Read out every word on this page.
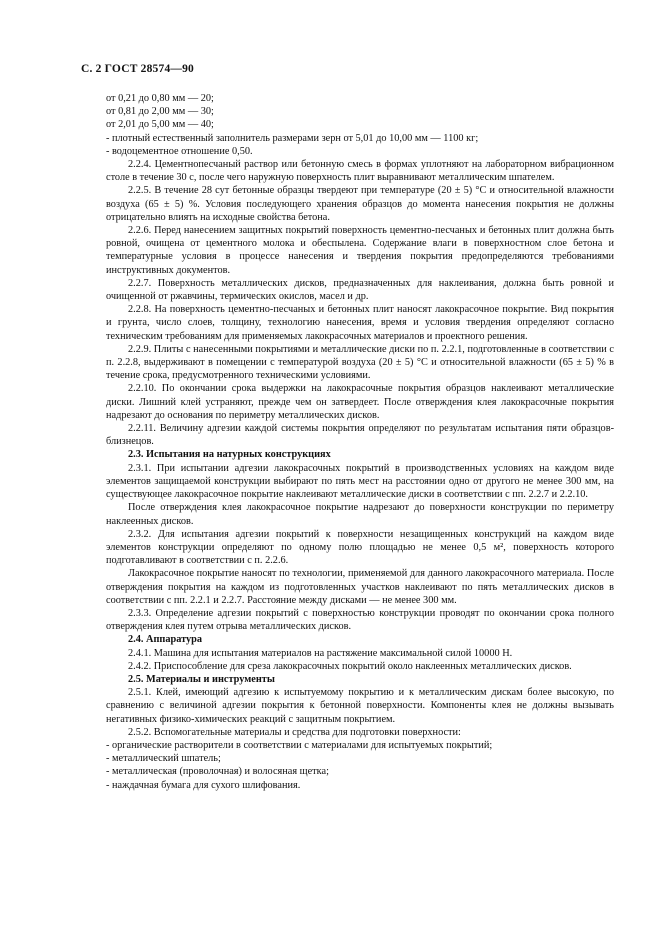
С. 2 ГОСТ 28574—90

от 0,21 до 0,80 мм — 20;

от 0,81 до 2,00 мм — 30;

от 2,01 до 5,00 мм — 40;

- плотный естественный заполнитель размерами зерн от 5,01 до 10,00 мм — 1100 кг;

- водоцементное отношение 0,50.

2.2.4. Цементнопесчаный раствор или бетонную смесь в формах уплотняют на лабораторном вибрационном столе в течение 30 с, после чего наружную поверхность плит выравнивают металлическим шпателем.

2.2.5. В течение 28 сут бетонные образцы твердеют при температуре (20 ± 5) °С и относительной влажности воздуха (65 ± 5) %. Условия последующего хранения образцов до момента нанесения покрытия не должны отрицательно влиять на исходные свойства бетона.

2.2.6. Перед нанесением защитных покрытий поверхность цементно-песчаных и бетонных плит должна быть ровной, очищена от цементного молока и обеспылена. Содержание влаги в поверхностном слое бетона и температурные условия в процессе нанесения и твердения покрытия предопределяются требованиями инструктивных документов.

2.2.7. Поверхность металлических дисков, предназначенных для наклеивания, должна быть ровной и очищенной от ржавчины, термических окислов, масел и др.

2.2.8. На поверхность цементно-песчаных и бетонных плит наносят лакокрасочное покрытие. Вид покрытия и грунта, число слоев, толщину, технологию нанесения, время и условия твердения определяют согласно техническим требованиям для применяемых лакокрасочных материалов и проектного решения.

2.2.9. Плиты с нанесенными покрытиями и металлические диски по п. 2.2.1, подготовленные в соответствии с п. 2.2.8, выдерживают в помещении с температурой воздуха (20 ± 5) °С и относительной влажности (65 ± 5) % в течение срока, предусмотренного техническими условиями.

2.2.10. По окончании срока выдержки на лакокрасочные покрытия образцов наклеивают металлические диски. Лишний клей устраняют, прежде чем он затвердеет. После отверждения клея лакокрасочные покрытия надрезают до основания по периметру металлических дисков.

2.2.11. Величину адгезии каждой системы покрытия определяют по результатам испытания пяти образцов-близнецов.

2.3. Испытания на натурных конструкциях

2.3.1. При испытании адгезии лакокрасочных покрытий в производственных условиях на каждом виде элементов защищаемой конструкции выбирают по пять мест на расстоянии одно от другого не менее 300 мм, на существующее лакокрасочное покрытие наклеивают металлические диски в соответствии с пп. 2.2.7 и 2.2.10.

После отверждения клея лакокрасочное покрытие надрезают до поверхности конструкции по периметру наклеенных дисков.

2.3.2. Для испытания адгезии покрытий к поверхности незащищенных конструкций на каждом виде элементов конструкции определяют по одному полю площадью не менее 0,5 м², поверхность которого подготавливают в соответствии с п. 2.2.6.

Лакокрасочное покрытие наносят по технологии, применяемой для данного лакокрасочного материала. После отверждения покрытия на каждом из подготовленных участков наклеивают по пять металлических дисков в соответствии с пп. 2.2.1 и 2.2.7. Расстояние между дисками — не менее 300 мм.

2.3.3. Определение адгезии покрытий с поверхностью конструкции проводят по окончании срока полного отверждения клея путем отрыва металлических дисков.

2.4. Аппаратура

2.4.1. Машина для испытания материалов на растяжение максимальной силой 10000 Н.

2.4.2. Приспособление для среза лакокрасочных покрытий около наклеенных металлических дисков.

2.5. Материалы и инструменты

2.5.1. Клей, имеющий адгезию к испытуемому покрытию и к металлическим дискам более высокую, по сравнению с величиной адгезии покрытия к бетонной поверхности. Компоненты клея не должны вызывать негативных физико-химических реакций с защитным покрытием.

2.5.2. Вспомогательные материалы и средства для подготовки поверхности:

- органические растворители в соответствии с материалами для испытуемых покрытий;

- металлический шпатель;

- металлическая (проволочная) и волосяная щетка;

- наждачная бумага для сухого шлифования.
